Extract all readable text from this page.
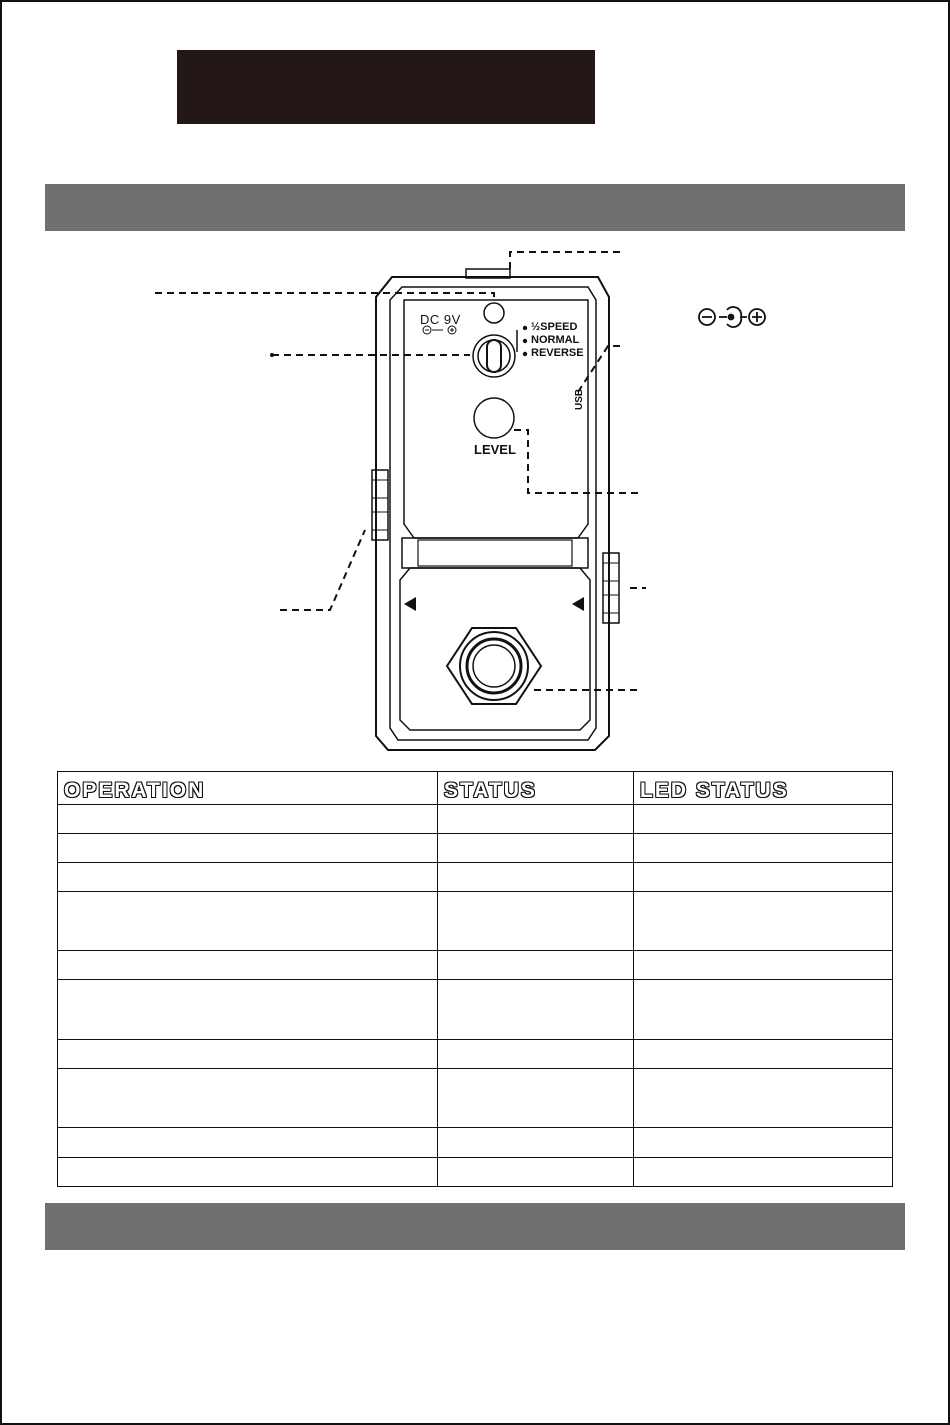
DC 9V	½SPEED
NORMAL
REVERSE
USB
LEVEL
OPERATION	STATUS	LED STATUS
